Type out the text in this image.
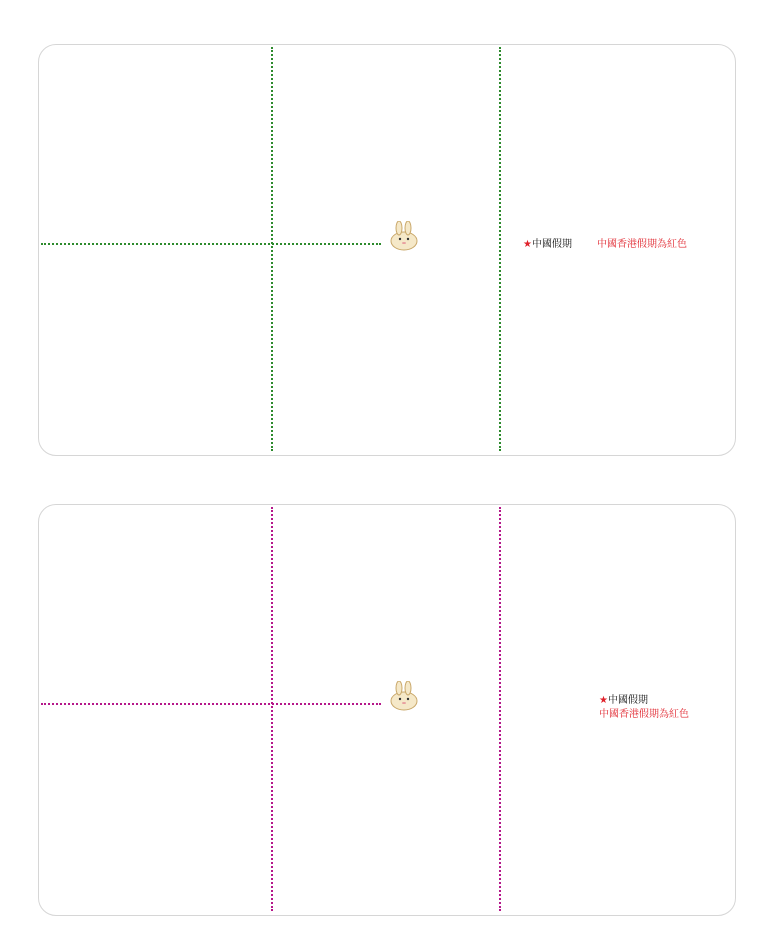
★中國假期	中國香港假期為紅色
★中國假期
中國香港假期為紅色
